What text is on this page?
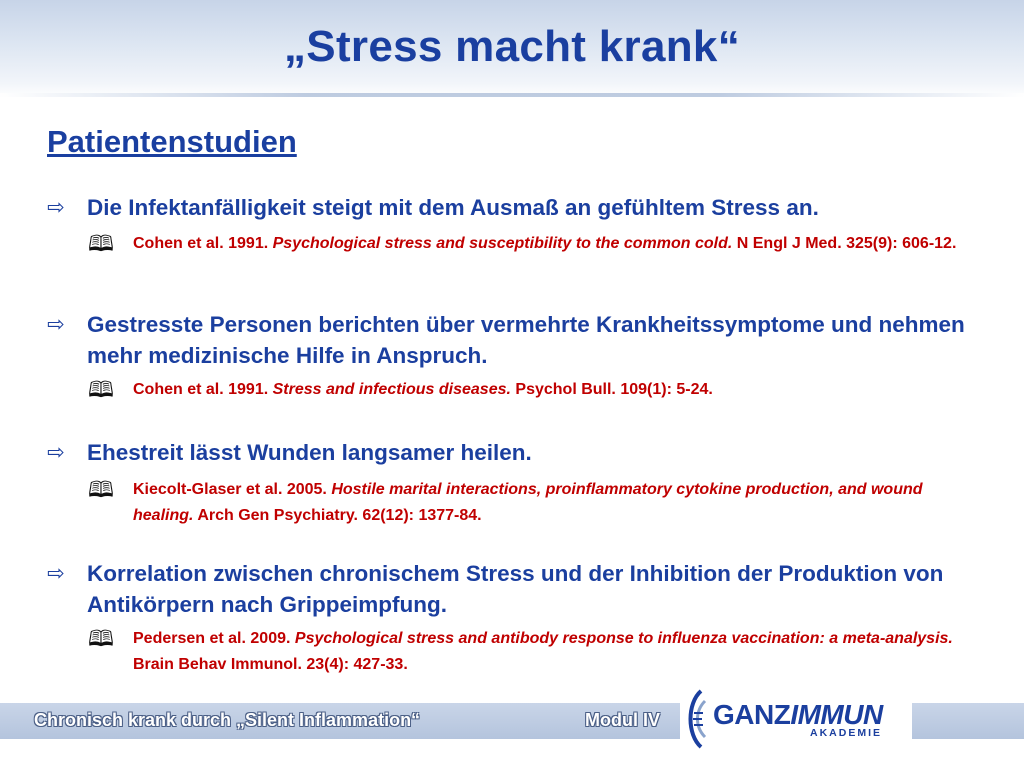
„Stress macht krank“
Patientenstudien
⇨ Die Infektanfälligkeit steigt mit dem Ausmaß an gefühltem Stress an.
🕮	Cohen et al. 1991. Psychological stress and susceptibility to the common cold. N Engl J Med. 325(9): 606-12.
⇨ Gestresste Personen berichten über vermehrte Krankheitssymptome und nehmen mehr medizinische Hilfe in Anspruch.
🕮	Cohen et al. 1991. Stress and infectious diseases. Psychol Bull. 109(1): 5-24.
⇨ Ehestreit lässt Wunden langsamer heilen.
🕮	Kiecolt-Glaser et al. 2005. Hostile marital interactions, proinflammatory cytokine production, and wound healing. Arch Gen Psychiatry. 62(12): 1377-84.
⇨ Korrelation zwischen chronischem Stress und der Inhibition der Produktion von Antikörpern nach Grippeimpfung.
🕮	Pedersen et al. 2009. Psychological stress and antibody response to influenza vaccination: a meta-analysis. Brain Behav Immunol. 23(4): 427-33.
Chronisch krank durch „Silent Inflammation“	Modul IV GANZIMMUN
AKADEMIE
